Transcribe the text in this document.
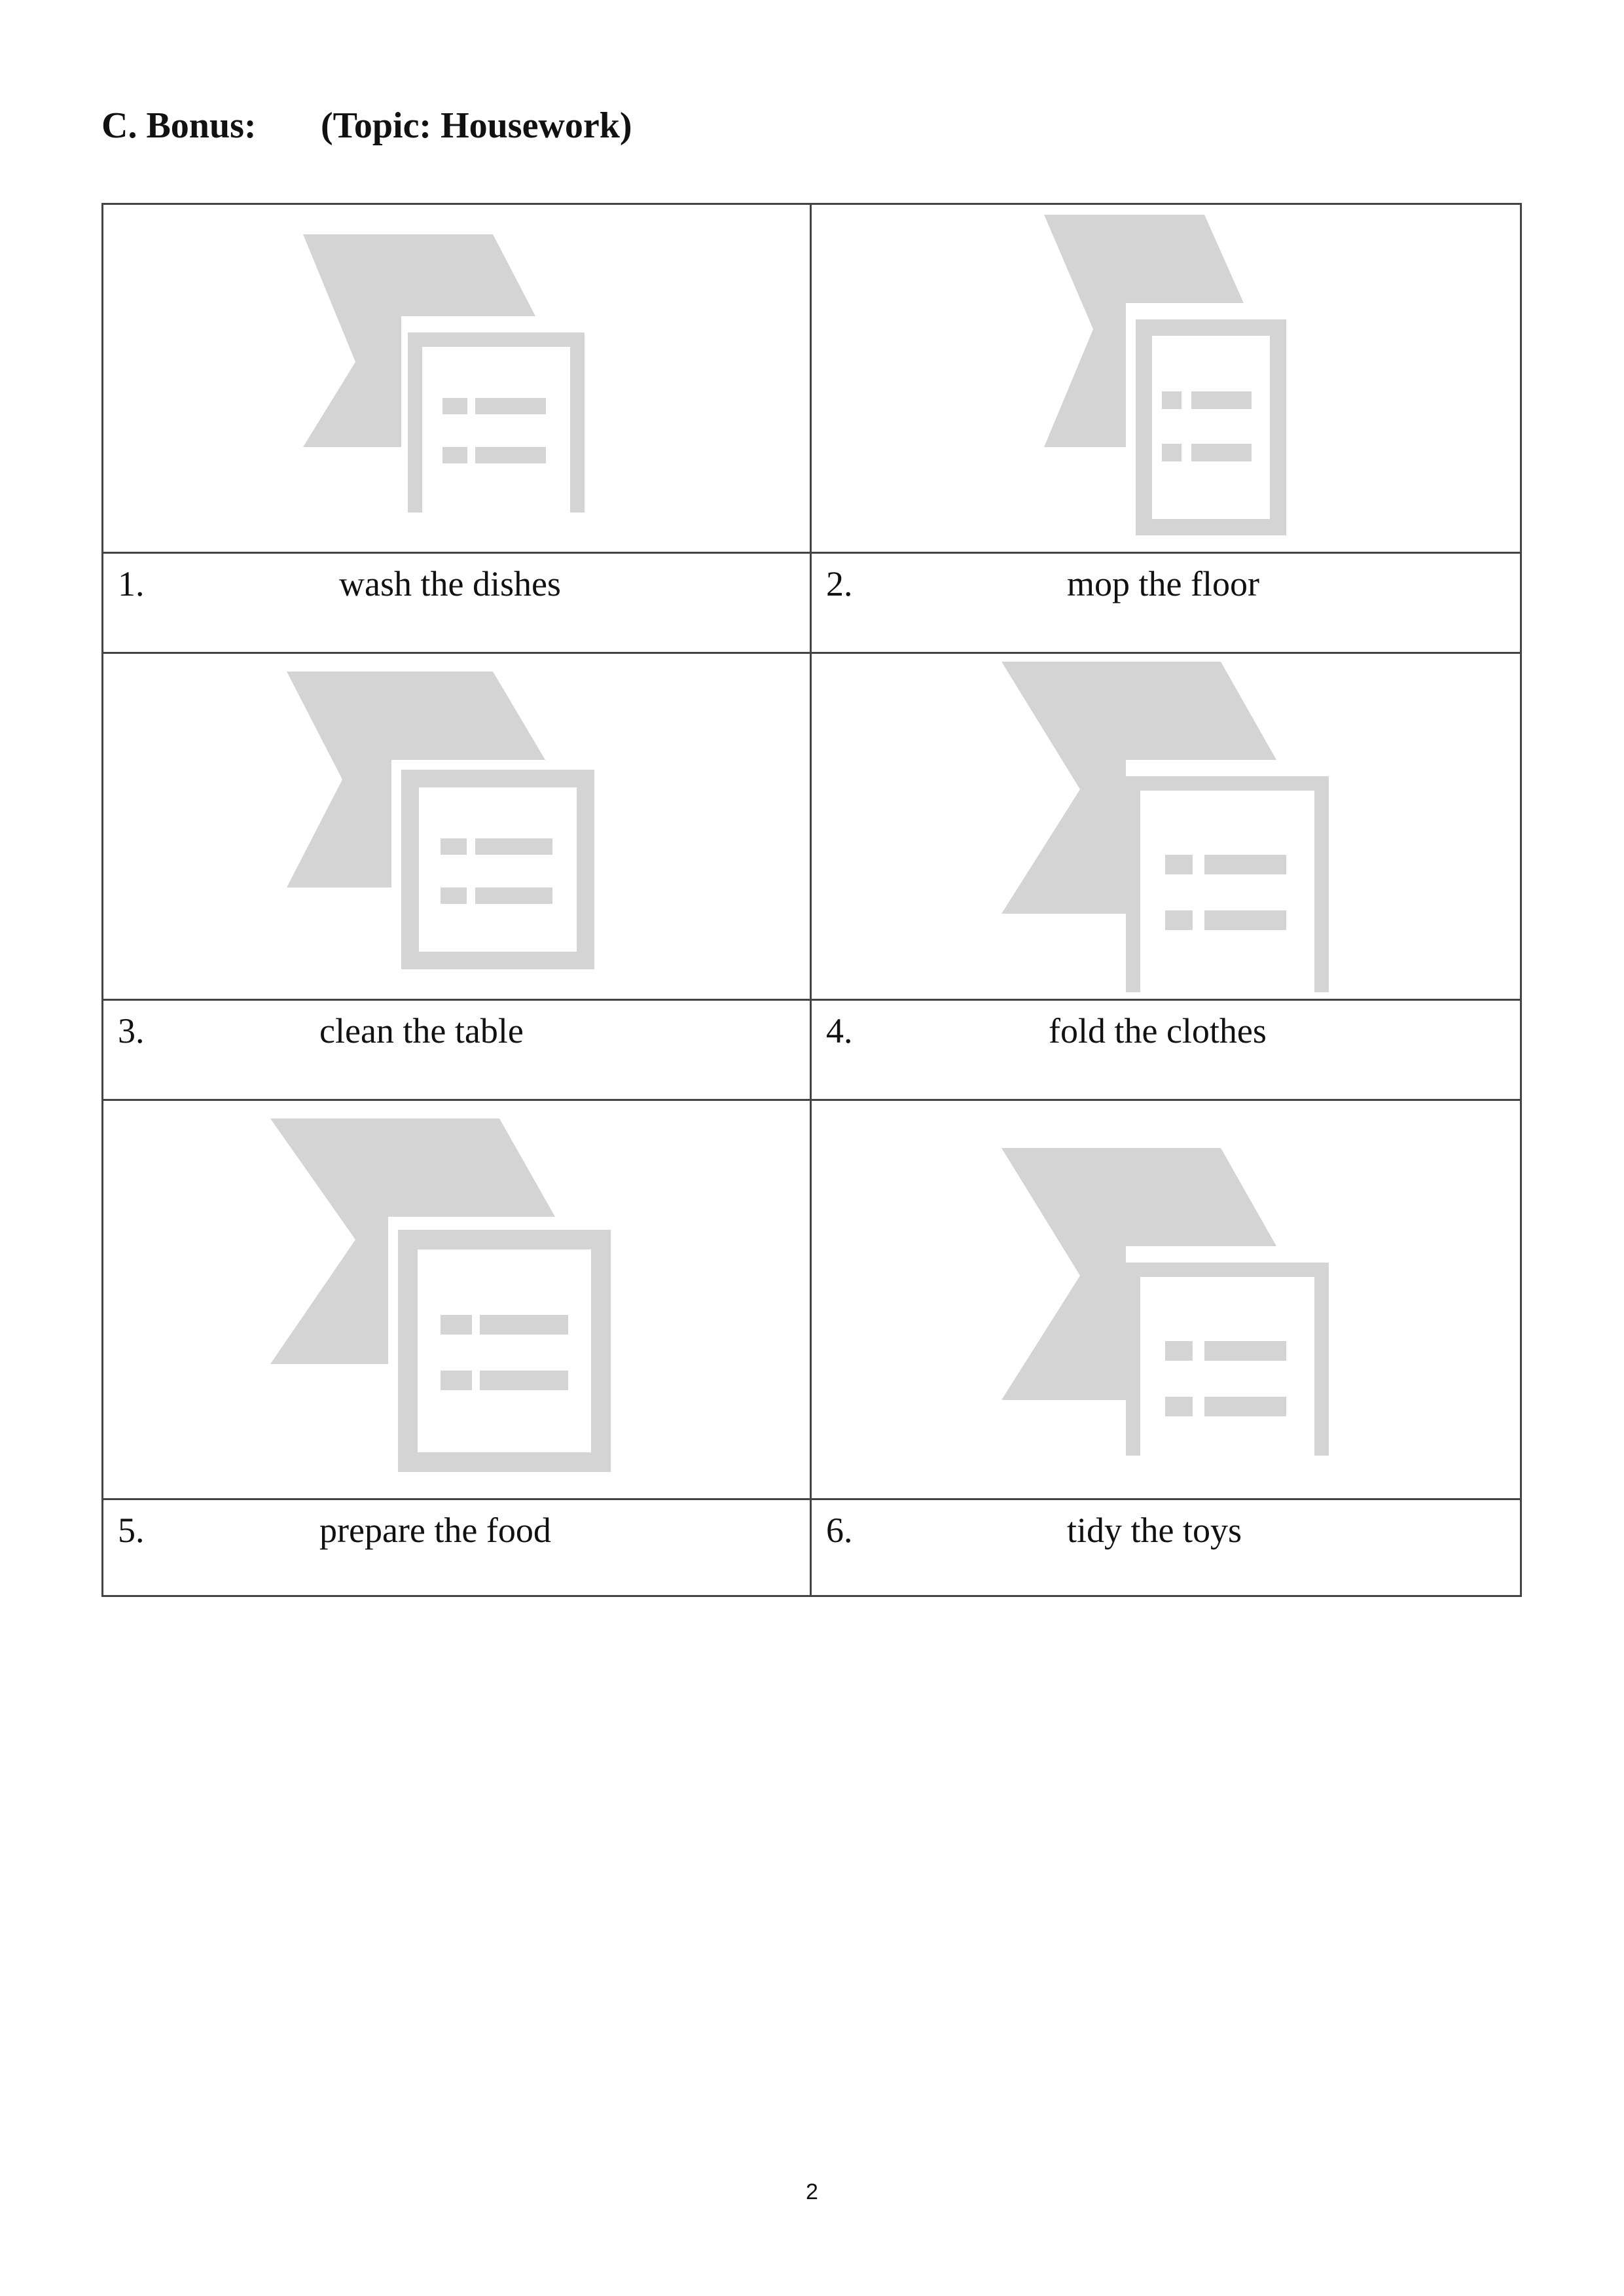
C. Bonus: (Topic: Housework)
1.	wash the dishes	2.	mop the floor
3.	clean the table	4.	fold the clothes
5.	prepare the food	6.	tidy the toys
2
